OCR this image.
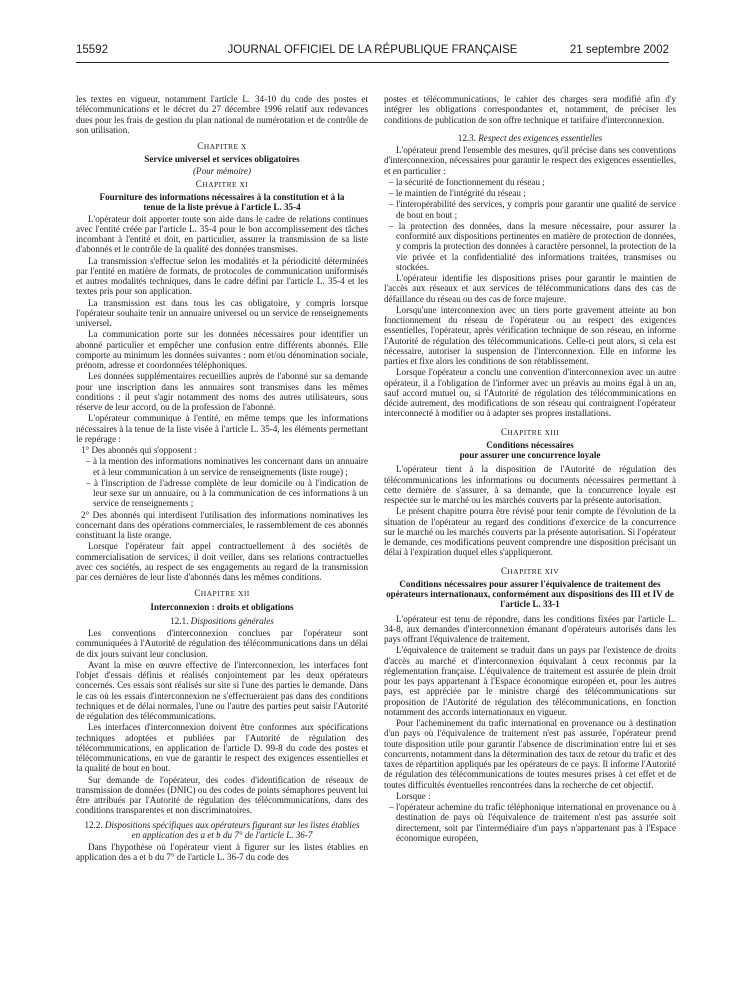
15592	JOURNAL OFFICIEL DE LA RÉPUBLIQUE FRANÇAISE	21 septembre 2002

les textes en vigueur, notamment l'article L. 34-10 du code des postes et télécommunications et le décret du 27 décembre 1996 relatif aux redevances dues pour les frais de gestion du plan national de numérotation et de contrôle de son utilisation.

CHAPITRE X
Service universel et services obligatoires
(Pour mémoire)
CHAPITRE XI
Fourniture des informations nécessaires à la constitution et à la tenue de la liste prévue à l'article L. 35-4

L'opérateur doit apporter toute son aide dans le cadre de relations continues avec l'entité créée par l'article L. 35-4 pour le bon accomplissement des tâches incombant à l'entité et doit, en particulier, assurer la transmission de sa liste d'abonnés et le contrôle de la qualité des données transmises.

La transmission s'effectue selon les modalités et la périodicité déterminées par l'entité en matière de formats, de protocoles de communication uniformisés et autres modalités techniques, dans le cadre défini par l'article L. 35-4 et les textes pris pour son application.

La transmission est dans tous les cas obligatoire, y compris lorsque l'opérateur souhaite tenir un annuaire universel ou un service de renseignements universel.

La communication porte sur les données nécessaires pour identifier un abonné particulier et empêcher une confusion entre différents abonnés. Elle comporte au minimum les données suivantes : nom et/ou dénomination sociale, prénom, adresse et coordonnées téléphoniques.

Les données supplémentaires recueillies auprès de l'abonné sur sa demande pour une inscription dans les annuaires sont transmises dans les mêmes conditions : il peut s'agir notamment des noms des autres utilisateurs, sous réserve de leur accord, ou de la profession de l'abonné.

L'opérateur communique à l'entité, en même temps que les informations nécessaires à la tenue de la liste visée à l'article L. 35-4, les éléments permettant le repérage :

1° Des abonnés qui s'opposent :

– à la mention des informations nominatives les concernant dans un annuaire et à leur communication à un service de renseignements (liste rouge) ;

– à l'inscription de l'adresse complète de leur domicile ou à l'indication de leur sexe sur un annuaire, ou à la communication de ces informations à un service de renseignements ;

2° Des abonnés qui interdisent l'utilisation des informations nominatives les concernant dans des opérations commerciales, le rassemblement de ces abonnés constituant la liste orange.

Lorsque l'opérateur fait appel contractuellement à des sociétés de commercialisation de services, il doit veiller, dans ses relations contractuelles avec ces sociétés, au respect de ses engagements au regard de la transmission par ces dernières de leur liste d'abonnés dans les mêmes conditions.

CHAPITRE XII
Interconnexion : droits et obligations
12.1. Dispositions générales

Les conventions d'interconnexion conclues par l'opérateur sont communiquées à l'Autorité de régulation des télécommunications dans un délai de dix jours suivant leur conclusion.

Avant la mise en œuvre effective de l'interconnexion, les interfaces font l'objet d'essais définis et réalisés conjointement par les deux opérateurs concernés. Ces essais sont réalisés sur site si l'une des parties le demande. Dans le cas où les essais d'interconnexion ne s'effectueraient pas dans des conditions techniques et de délai normales, l'une ou l'autre des parties peut saisir l'Autorité de régulation des télécommunications.

Les interfaces d'interconnexion doivent être conformes aux spécifications techniques adoptées et publiées par l'Autorité de régulation des télécommunications, en application de l'article D. 99-8 du code des postes et télécommunications, en vue de garantir le respect des exigences essentielles et la qualité de bout en bout.

Sur demande de l'opérateur, des codes d'identification de réseaux de transmission de données (DNIC) ou des codes de points sémaphores peuvent lui être attribués par l'Autorité de régulation des télécommunications, dans des conditions transparentes et non discriminatoires.

12.2. Dispositions spécifiques aux opérateurs figurant sur les listes établies en application des a et b du 7° de l'article L. 36-7

Dans l'hypothèse où l'opérateur vient à figurer sur les listes établies en application des a et b du 7° de l'article L. 36-7 du code des

postes et télécommunications, le cahier des charges sera modifié afin d'y intégrer les obligations correspondantes et, notamment, de préciser les conditions de publication de son offre technique et tarifaire d'interconnexion.

12.3. Respect des exigences essentielles

L'opérateur prend l'ensemble des mesures, qu'il précise dans ses conventions d'interconnexion, nécessaires pour garantir le respect des exigences essentielles, et en particulier :

– la sécurité de fonctionnement du réseau ;

– le maintien de l'intégrité du réseau ;

– l'interopérabilité des services, y compris pour garantir une qualité de service de bout en bout ;

– la protection des données, dans la mesure nécessaire, pour assurer la conformité aux dispositions pertinentes en matière de protection de données, y compris la protection des données à caractère personnel, la protection de la vie privée et la confidentialité des informations traitées, transmises ou stockées.

L'opérateur identifie les dispositions prises pour garantir le maintien de l'accès aux réseaux et aux services de télécommunications dans des cas de défaillance du réseau ou des cas de force majeure.

Lorsqu'une interconnexion avec un tiers porte gravement atteinte au bon fonctionnement du réseau de l'opérateur ou au respect des exigences essentielles, l'opérateur, après vérification technique de son réseau, en informe l'Autorité de régulation des télécommunications. Celle-ci peut alors, si cela est nécessaire, autoriser la suspension de l'interconnexion. Elle en informe les parties et fixe alors les conditions de son rétablissement.

Lorsque l'opérateur a conclu une convention d'interconnexion avec un autre opérateur, il a l'obligation de l'informer avec un préavis au moins égal à un an, sauf accord mutuel ou, si l'Autorité de régulation des télécommunications en décide autrement, des modifications de son réseau qui contraignent l'opérateur interconnecté à modifier ou à adapter ses propres installations.

CHAPITRE XIII
Conditions nécessaires
pour assurer une concurrence loyale

L'opérateur tient à la disposition de l'Autorité de régulation des télécommunications les informations ou documents nécessaires permettant à cette dernière de s'assurer, à sa demande, que la concurrence loyale est respectée sur le marché ou les marchés couverts par la présente autorisation.

Le présent chapitre pourra être révisé pour tenir compte de l'évolution de la situation de l'opérateur au regard des conditions d'exercice de la concurrence sur le marché ou les marchés couverts par la présente autorisation. Si l'opérateur le demande, ces modifications peuvent comprendre une disposition précisant un délai à l'expiration duquel elles s'appliqueront.

CHAPITRE XIV
Conditions nécessaires pour assurer l'équivalence de traitement des opérateurs internationaux, conformément aux dispositions des III et IV de l'article L. 33-1

L'opérateur est tenu de répondre, dans les conditions fixées par l'article L. 34-8, aux demandes d'interconnexion émanant d'opérateurs autorisés dans les pays offrant l'équivalence de traitement.

L'équivalence de traitement se traduit dans un pays par l'existence de droits d'accès au marché et d'interconnexion équivalant à ceux reconnus par la réglementation française. L'équivalence de traitement est assurée de plein droit pour les pays appartenant à l'Espace économique européen et, pour les autres pays, est appréciée par le ministre chargé des télécommunications sur proposition de l'Autorité de régulation des télécommunications, en fonction notamment des accords internationaux en vigueur.

Pour l'acheminement du trafic international en provenance ou à destination d'un pays où l'équivalence de traitement n'est pas assurée, l'opérateur prend toute disposition utile pour garantir l'absence de discrimination entre lui et ses concurrents, notamment dans la détermination des taux de retour du trafic et des taxes de répartition appliqués par les opérateurs de ce pays. Il informe l'Autorité de régulation des télécommunications de toutes mesures prises à cet effet et de toutes difficultés éventuelles rencontrées dans la recherche de cet objectif.

Lorsque :

– l'opérateur achemine du trafic téléphonique international en provenance ou à destination de pays où l'équivalence de traitement n'est pas assurée soit directement, soit par l'intermédiaire d'un pays n'appartenant pas à l'Espace économique européen,
